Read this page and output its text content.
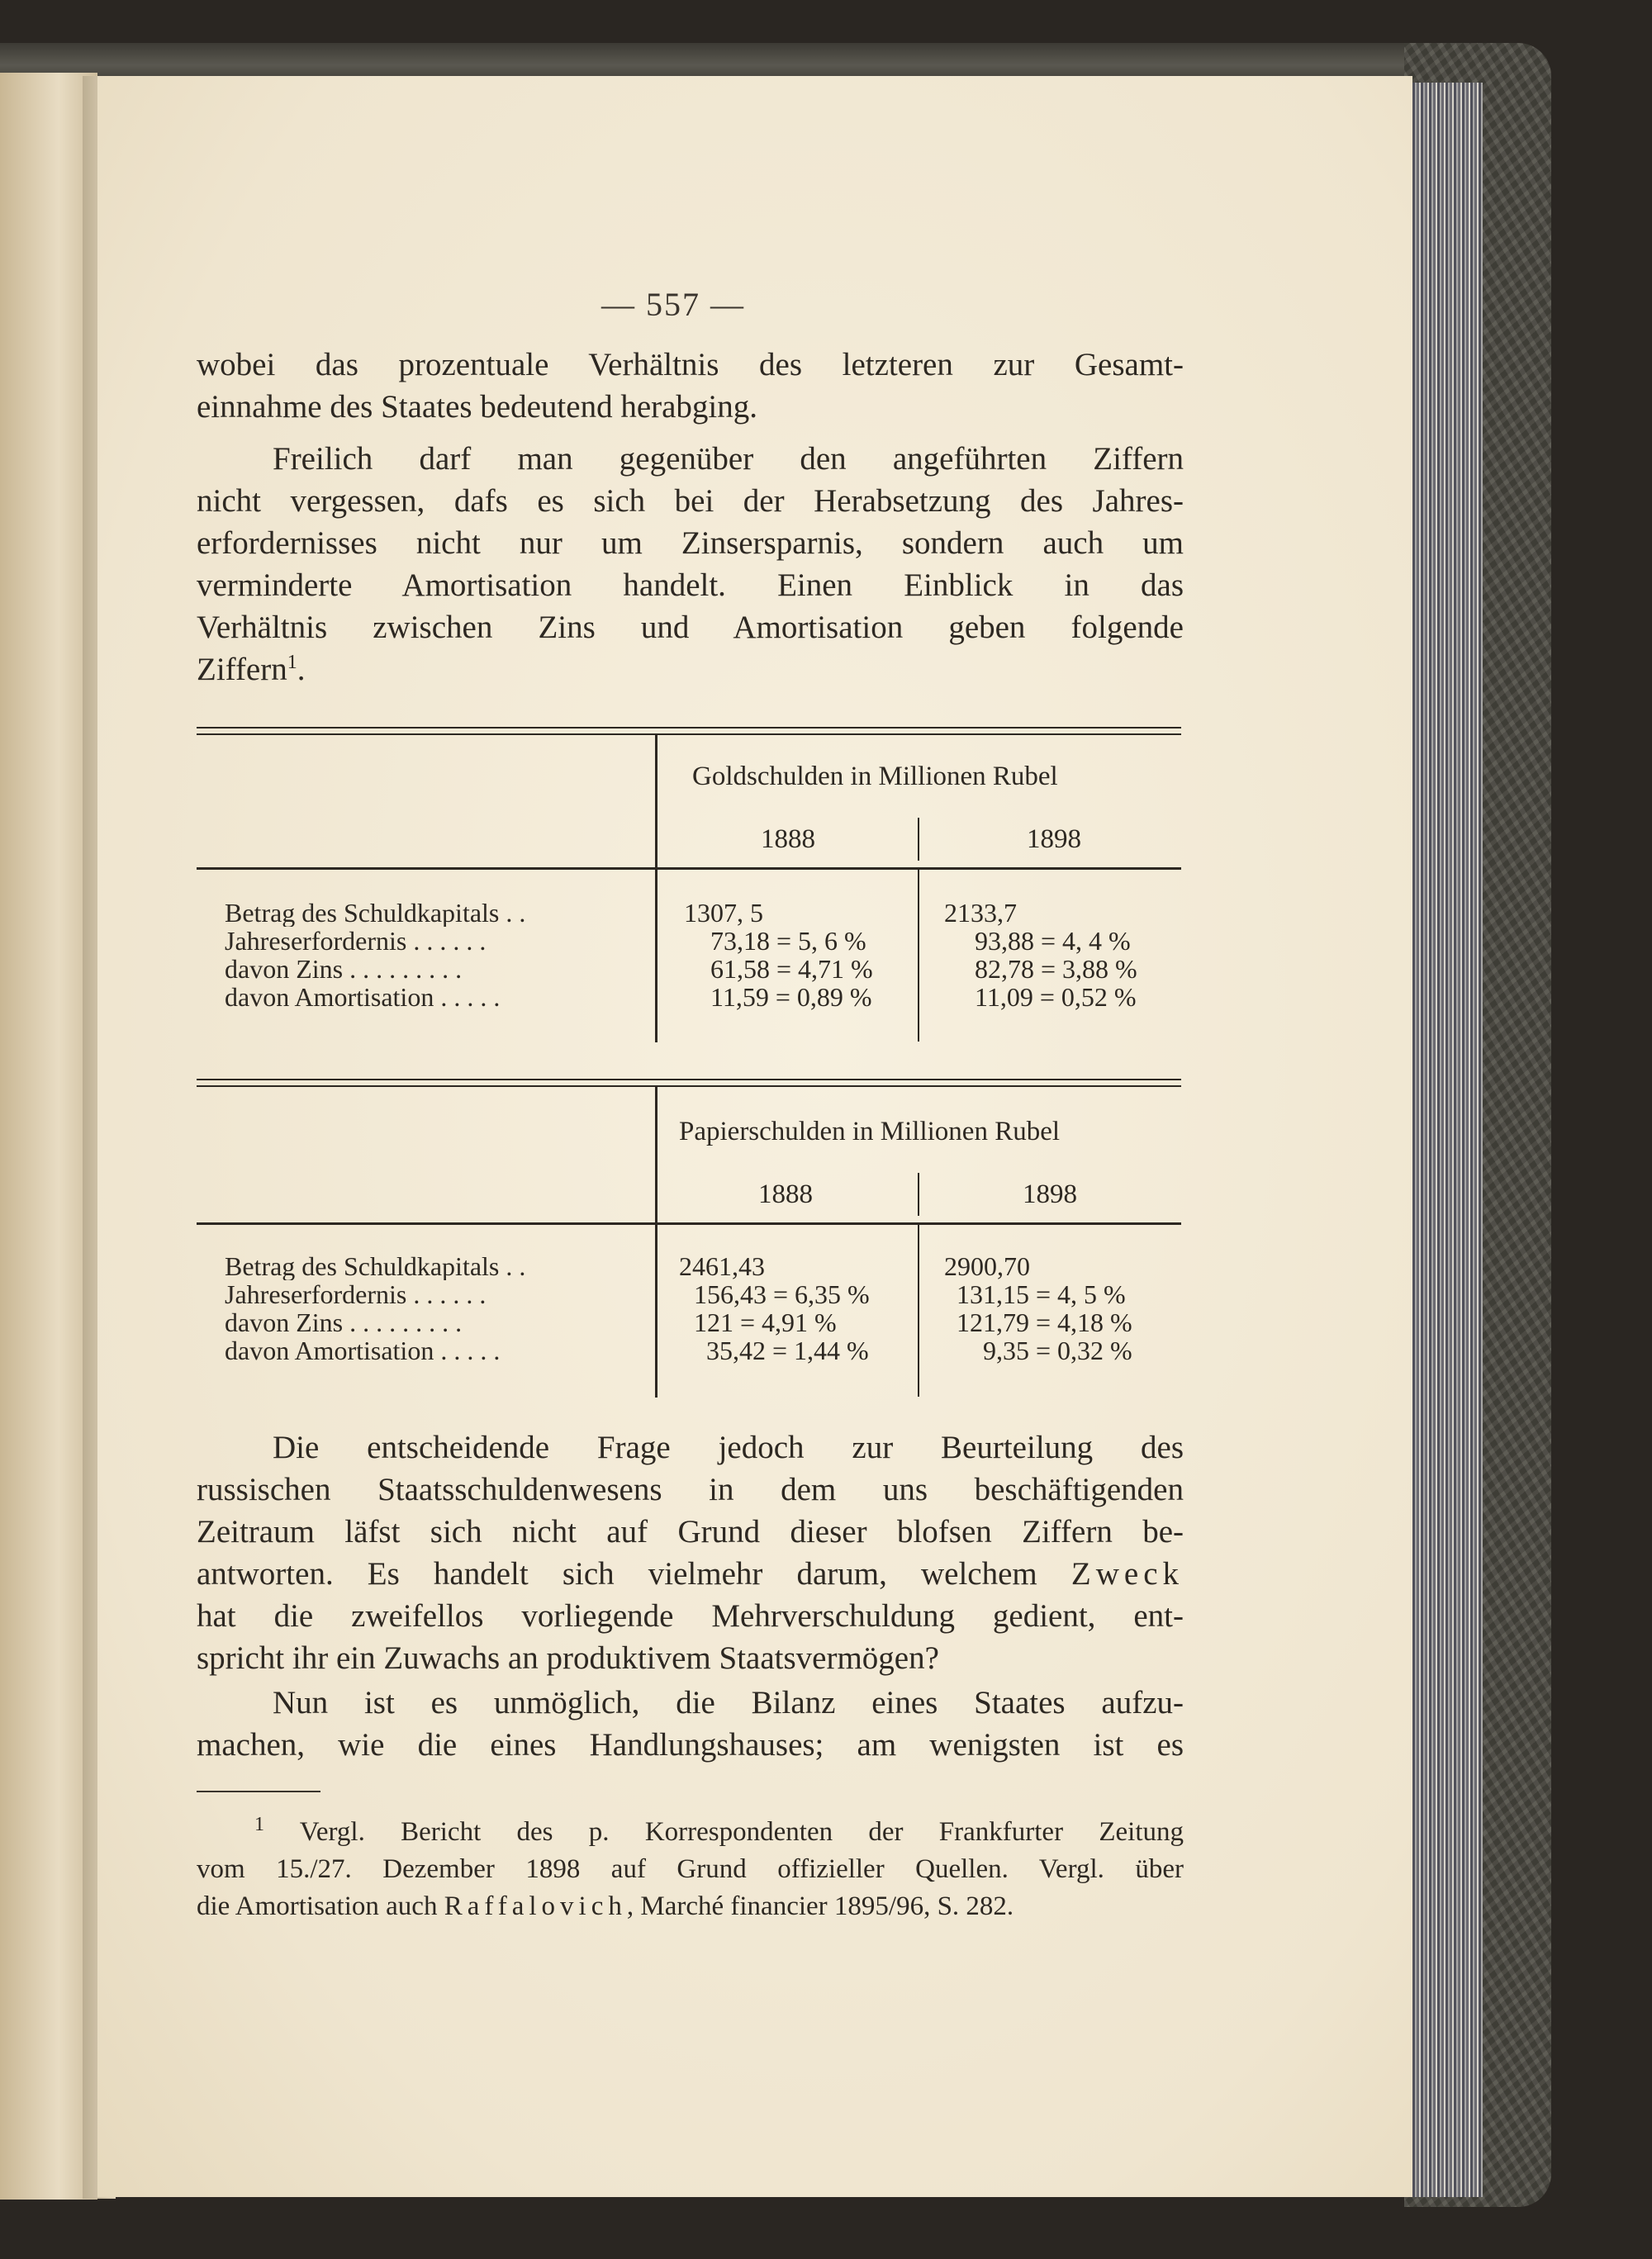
— 557 —
wobei das prozentuale Verhältnis des letzteren zur Gesamt-
einnahme des Staates bedeutend herabging.
Freilich darf man gegenüber den angeführten Ziffern
nicht vergessen, dafs es sich bei der Herabsetzung des Jahres-
erfordernisses nicht nur um Zinsersparnis, sondern auch um
verminderte Amortisation handelt. Einen Einblick in das
Verhältnis zwischen Zins und Amortisation geben folgende
Ziffern$^1$.
Goldschulden in Millionen Rubel
1888	1898
Betrag des Schuldkapitals . .
Jahreserfordernis . . . . . .
davon Zins . . . . . . . . .
davon Amortisation . . . . .
1307, 5
73,18 = 5, 6 %
61,58 = 4,71 %
11,59 = 0,89 %
2133,7
93,88 = 4, 4 %
82,78 = 3,88 %
11,09 = 0,52 %
Papierschulden in Millionen Rubel
1888	1898
Betrag des Schuldkapitals . .
Jahreserfordernis . . . . . .
davon Zins . . . . . . . . .
davon Amortisation . . . . .
2461,43
156,43 = 6,35 %
121 = 4,91 %
35,42 = 1,44 %
2900,70
131,15 = 4, 5 %
121,79 = 4,18 %
9,35 = 0,32 %
Die entscheidende Frage jedoch zur Beurteilung des
russischen Staatsschuldenwesens in dem uns beschäftigenden
Zeitraum läfst sich nicht auf Grund dieser blofsen Ziffern be-
antworten. Es handelt sich vielmehr darum, welchem Zweck
hat die zweifellos vorliegende Mehrverschuldung gedient, ent-
spricht ihr ein Zuwachs an produktivem Staatsvermögen?
Nun ist es unmöglich, die Bilanz eines Staates aufzu-
machen, wie die eines Handlungshauses; am wenigsten ist es
$^1$ Vergl. Bericht des p. Korrespondenten der Frankfurter Zeitung
vom 15./27. Dezember 1898 auf Grund offizieller Quellen. Vergl. über
die Amortisation auch Raffalovich, Marché financier 1895/96, S. 282.
